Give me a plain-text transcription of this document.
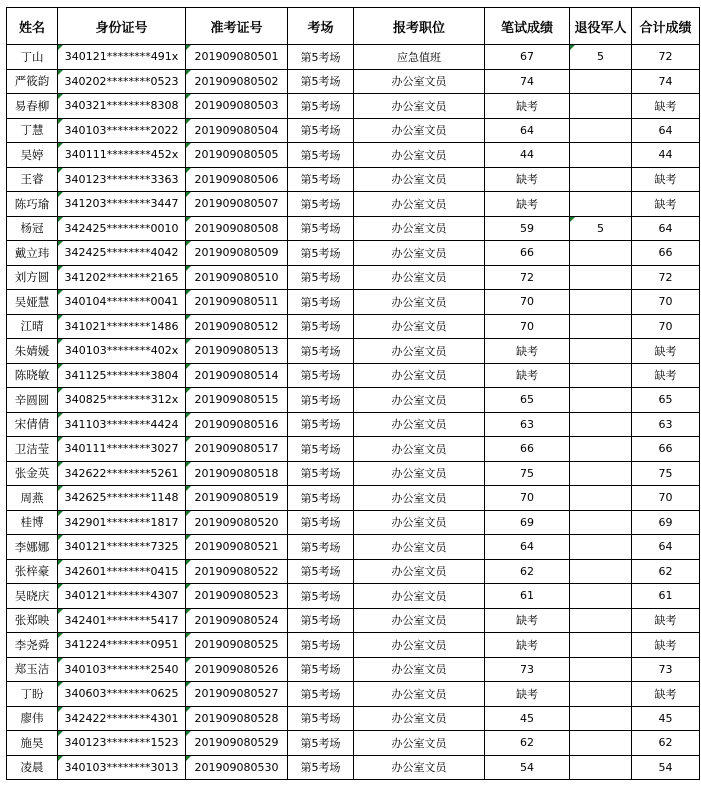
姓名	身份证号	准考证号	考场	报考职位	笔试成绩	退役军人	合计成绩
丁山	340121********491x	201909080501	第5考场	应急值班	67	5	72
严筱韵	340202********0523	201909080502	第5考场	办公室文员	74		74
易春柳	340321********8308	201909080503	第5考场	办公室文员	缺考		缺考
丁慧	340103********2022	201909080504	第5考场	办公室文员	64		64
吴婷	340111********452x	201909080505	第5考场	办公室文员	44		44
王睿	340123********3363	201909080506	第5考场	办公室文员	缺考		缺考
陈巧瑜	341203********3447	201909080507	第5考场	办公室文员	缺考		缺考
杨冠	342425********0010	201909080508	第5考场	办公室文员	59	5	64
戴立玮	342425********4042	201909080509	第5考场	办公室文员	66		66
刘方圆	341202********2165	201909080510	第5考场	办公室文员	72		72
吴娅慧	340104********0041	201909080511	第5考场	办公室文员	70		70
江晴	341021********1486	201909080512	第5考场	办公室文员	70		70
朱婧媛	340103********402x	201909080513	第5考场	办公室文员	缺考		缺考
陈晓敏	341125********3804	201909080514	第5考场	办公室文员	缺考		缺考
辛圆圆	340825********312x	201909080515	第5考场	办公室文员	65		65
宋倩倩	341103********4424	201909080516	第5考场	办公室文员	63		63
卫洁莹	340111********3027	201909080517	第5考场	办公室文员	66		66
张金英	342622********5261	201909080518	第5考场	办公室文员	75		75
周燕	342625********1148	201909080519	第5考场	办公室文员	70		70
桂博	342901********1817	201909080520	第5考场	办公室文员	69		69
李娜娜	340121********7325	201909080521	第5考场	办公室文员	64		64
张梓豪	342601********0415	201909080522	第5考场	办公室文员	62		62
吴晓庆	340121********4307	201909080523	第5考场	办公室文员	61		61
张郑映	342401********5417	201909080524	第5考场	办公室文员	缺考		缺考
李尧舜	341224********0951	201909080525	第5考场	办公室文员	缺考		缺考
郑玉洁	340103********2540	201909080526	第5考场	办公室文员	73		73
丁盼	340603********0625	201909080527	第5考场	办公室文员	缺考		缺考
廖伟	342422********4301	201909080528	第5考场	办公室文员	45		45
施昊	340123********1523	201909080529	第5考场	办公室文员	62		62
凌晨	340103********3013	201909080530	第5考场	办公室文员	54		54
